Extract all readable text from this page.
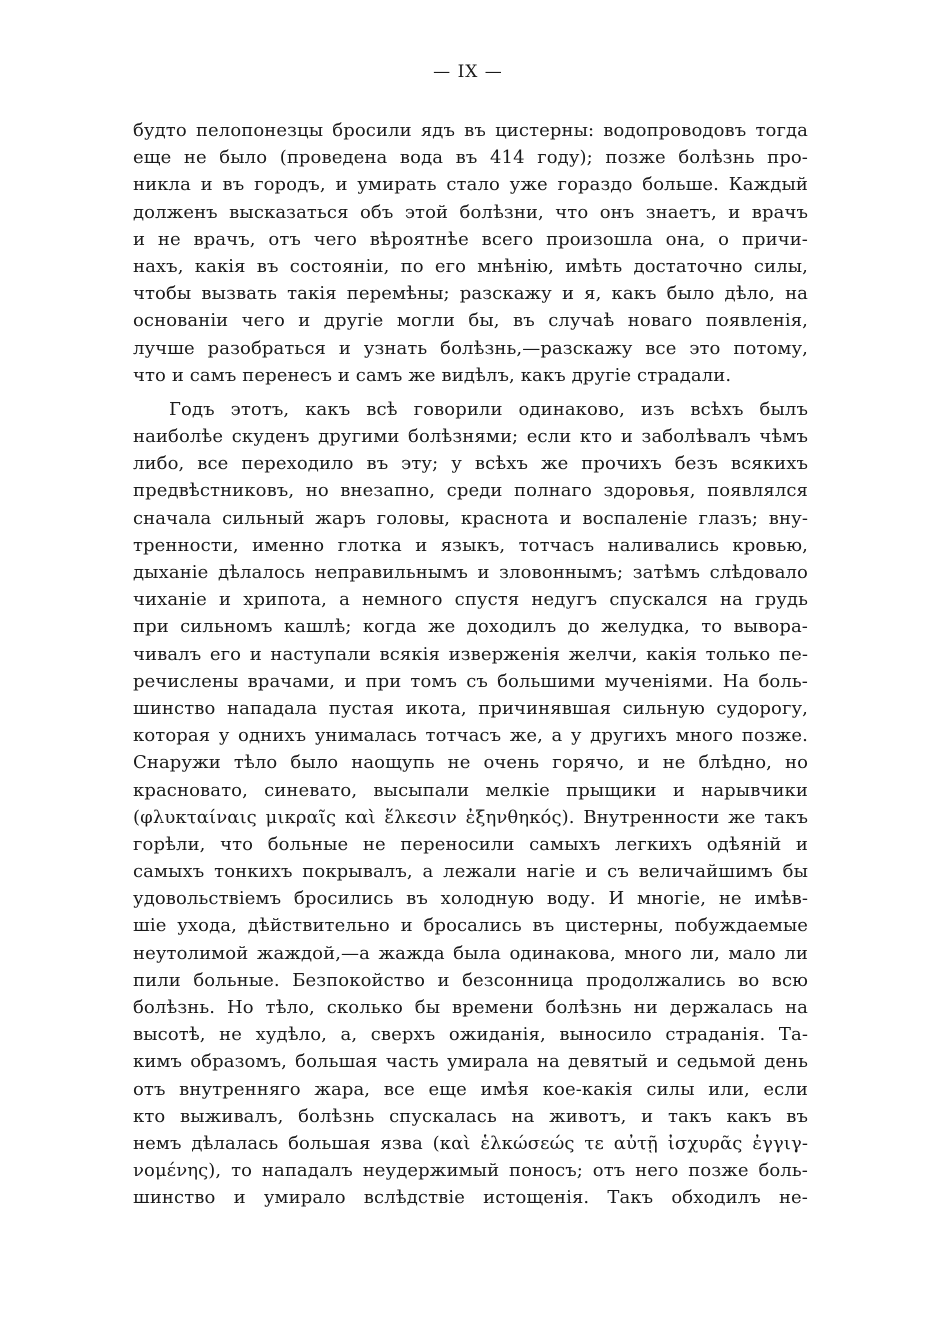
— IX —
будто пелопонезцы бросили ядъ въ цистерны: водопроводовъ тогда
еще не было (проведена вода въ 414 году); позже болѣзнь про-
никла и въ городъ, и умирать стало уже гораздо больше. Каждый
долженъ высказаться объ этой болѣзни, что онъ знаетъ, и врачъ
и не врачъ, отъ чего вѣроятнѣе всего произошла она, о причи-
нахъ, какія въ состояніи, по его мнѣнію, имѣть достаточно силы,
чтобы вызвать такія перемѣны; разскажу и я, какъ было дѣло, на
основаніи чего и другіе могли бы, въ случаѣ новаго появленія,
лучше разобраться и узнать болѣзнь,—разскажу все это потому,
что и самъ перенесъ и самъ же видѣлъ, какъ другіе страдали.
Годъ этотъ, какъ всѣ говорили одинаково, изъ всѣхъ былъ
наиболѣе скуденъ другими болѣзнями; если кто и заболѣвалъ чѣмъ
либо, все переходило въ эту; у всѣхъ же прочихъ безъ всякихъ
предвѣстниковъ, но внезапно, среди полнаго здоровья, появлялся
сначала сильный жаръ головы, краснота и воспаленіе глазъ; вну-
тренности, именно глотка и языкъ, тотчасъ наливались кровью,
дыханіе дѣлалось неправильнымъ и зловоннымъ; затѣмъ слѣдовало
чиханіе и хрипота, а немного спустя недугъ спускался на грудь
при сильномъ кашлѣ; когда же доходилъ до желудка, то вывора-
чивалъ его и наступали всякія изверженія желчи, какія только пе-
речислены врачами, и при томъ съ большими мученіями. На боль-
шинство нападала пустая икота, причинявшая сильную судорогу,
которая у однихъ унималась тотчасъ же, а у другихъ много позже.
Снаружи тѣло было наощупь не очень горячо, и не блѣдно, но
красновато, синевато, высыпали мелкіе прыщики и нарывчики
(φλυκταίναις μικραῖς καὶ ἕλκεσιν ἐξηνθηκός). Внутренности же такъ
горѣли, что больные не переносили самыхъ легкихъ одѣяній и
самыхъ тонкихъ покрывалъ, а лежали нагіе и съ величайшимъ бы
удовольствіемъ бросились въ холодную воду. И многіе, не имѣв-
шіе ухода, дѣйствительно и бросались въ цистерны, побуждаемые
неутолимой жаждой,—а жажда была одинакова, много ли, мало ли
пили больные. Безпокойство и безсонница продолжались во всю
болѣзнь. Но тѣло, сколько бы времени болѣзнь ни держалась на
высотѣ, не худѣло, а, сверхъ ожиданія, выносило страданія. Та-
кимъ образомъ, большая часть умирала на девятый и седьмой день
отъ внутренняго жара, все еще имѣя кое-какія силы или, если
кто выживалъ, болѣзнь спускалась на животъ, и такъ какъ въ
немъ дѣлалась большая язва (καὶ ἑλκώσεώς τε αὐτῇ ἰσχυρᾶς ἐγγιγ-
νομένης), то нападалъ неудержимый поносъ; отъ него позже боль-
шинство и умирало вслѣдствіе истощенія. Такъ обходилъ не-
